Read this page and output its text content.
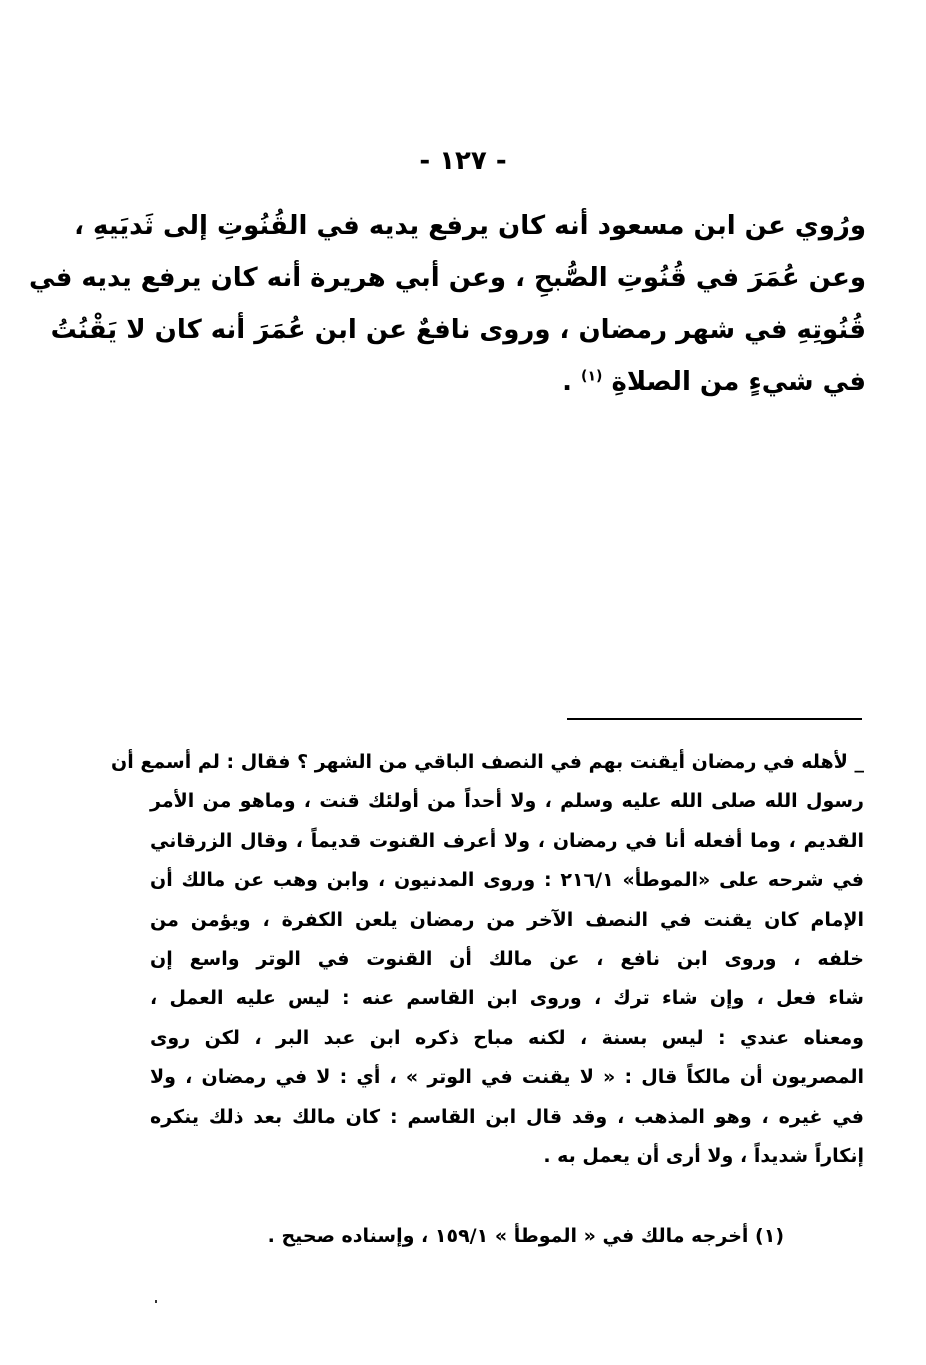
- ١٢٧ -
ورُوي عن ابن مسعود أنه كان يرفع يديه في القُنُوتِ إلى ثَديَيهِ ،
وعن عُمَرَ في قُنُوتِ الصُّبحِ ، وعن أبي هريرة أنه كان يرفع يديه في
قُنُوتِهِ في شهر رمضان ، وروى نافعٌ عن ابن عُمَرَ أنه كان لا يَقْنُتُ
في شيءٍ من الصلاةِ $^{(١)}$ .
_ لأهله في رمضان أيقنت بهم في النصف الباقي من الشهر ؟ فقال : لم أسمع أن
رسول الله صلى الله عليه وسلم ، ولا أحداً من أولئك قنت ، وماهو من الأمر
القديم ، وما أفعله أنا في رمضان ، ولا أعرف القنوت قديماً ، وقال الزرقاني
في شرحه على «الموطأ» ٢١٦/١ : وروى المدنيون ، وابن وهب عن مالك أن
الإمام كان يقنت في النصف الآخر من رمضان يلعن الكفرة ، ويؤمن من
خلفه ، وروى ابن نافع ، عن مالك أن القنوت في الوتر واسع إن
شاء فعل ، وإن شاء ترك ، وروى ابن القاسم عنه : ليس عليه العمل ،
ومعناه عندي : ليس بسنة ، لكنه مباح ذكره ابن عبد البر ، لكن روى
المصريون أن مالكاً قال : « لا يقنت في الوتر » ، أي : لا في رمضان ، ولا
في غيره ، وهو المذهب ، وقد قال ابن القاسم : كان مالك بعد ذلك ينكره
إنكاراً شديداً ، ولا أرى أن يعمل به .
(١) أخرجه مالك في « الموطأ » ١٥٩/١ ، وإسناده صحيح .
